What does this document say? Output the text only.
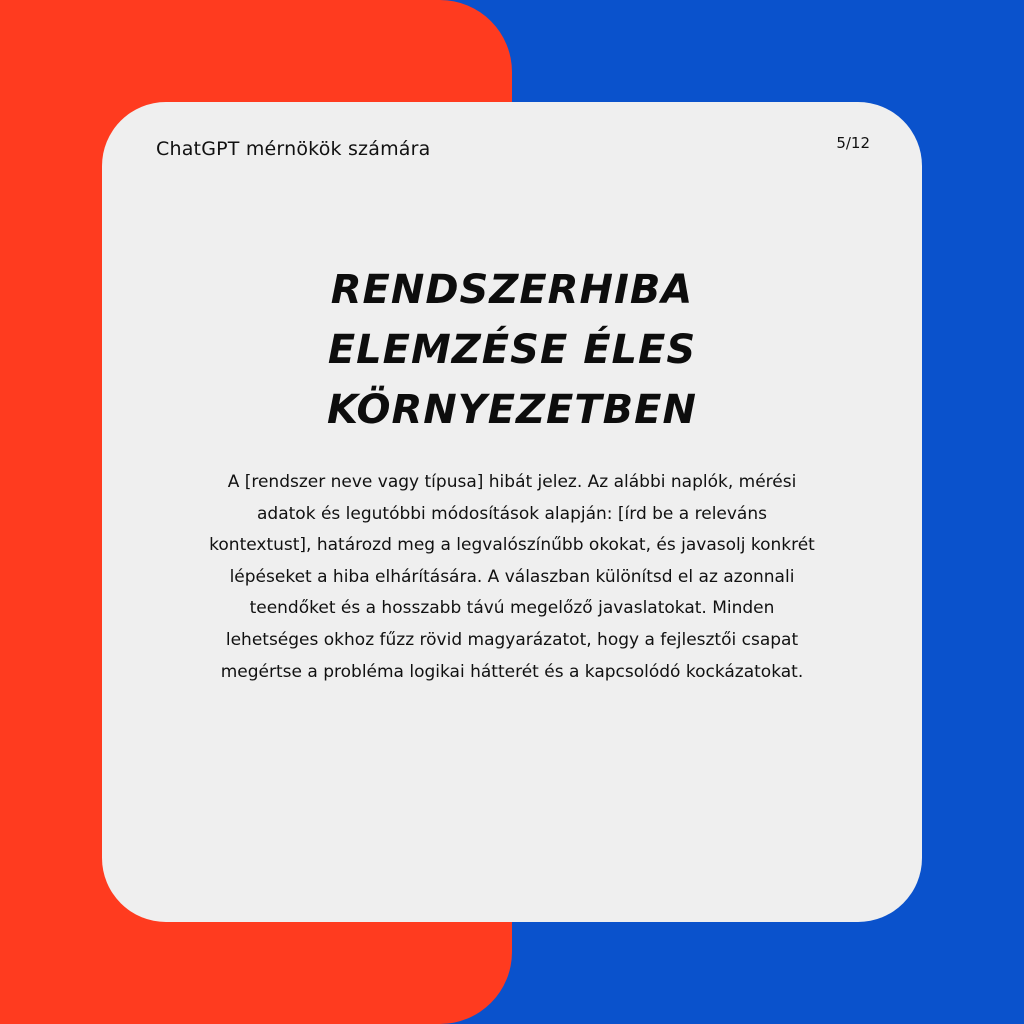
ChatGPT mérnökök számára	5/12
RENDSZERHIBA ELEMZÉSE ÉLES KÖRNYEZETBEN

A [rendszer neve vagy típusa] hibát jelez. Az alábbi naplók, mérési adatok és legutóbbi módosítások alapján: [írd be a releváns kontextust], határozd meg a legvalószínűbb okokat, és javasolj konkrét lépéseket a hiba elhárítására. A válaszban különítsd el az azonnali teendőket és a hosszabb távú megelőző javaslatokat. Minden lehetséges okhoz fűzz rövid magyarázatot, hogy a fejlesztői csapat megértse a probléma logikai hátterét és a kapcsolódó kockázatokat.
